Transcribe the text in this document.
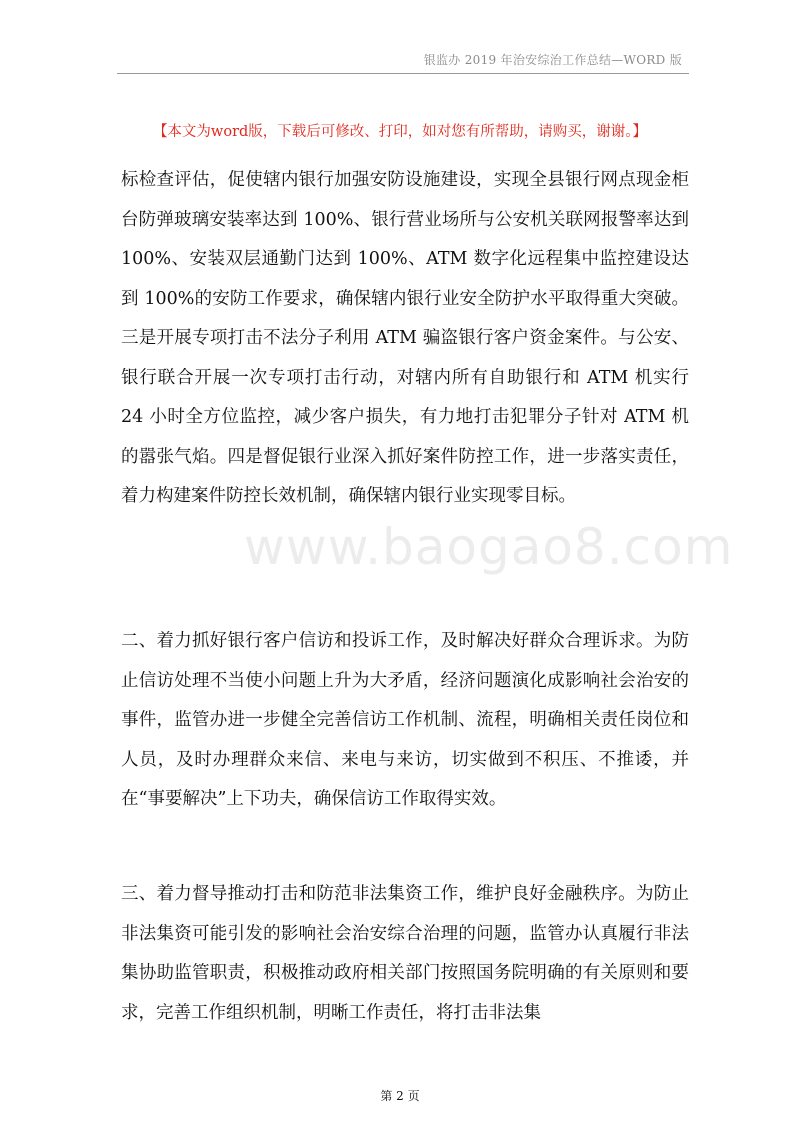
银监办 2019 年治安综治工作总结—WORD 版
【本文为word版，下载后可修改、打印，如对您有所帮助，请购买，谢谢。】
标检查评估，促使辖内银行加强安防设施建设，实现全县银行网点现金柜台防弹玻璃安装率达到 100%、银行营业场所与公安机关联网报警率达到 100%、安装双层通勤门达到 100%、ATM 数字化远程集中监控建设达到 100%的安防工作要求，确保辖内银行业安全防护水平取得重大突破。三是开展专项打击不法分子利用 ATM 骗盗银行客户资金案件。与公安、银行联合开展一次专项打击行动，对辖内所有自助银行和 ATM 机实行 24 小时全方位监控，减少客户损失，有力地打击犯罪分子针对 ATM 机的嚣张气焰。四是督促银行业深入抓好案件防控工作，进一步落实责任，着力构建案件防控长效机制，确保辖内银行业实现零目标。
二、着力抓好银行客户信访和投诉工作，及时解决好群众合理诉求。为防止信访处理不当使小问题上升为大矛盾，经济问题演化成影响社会治安的事件，监管办进一步健全完善信访工作机制、流程，明确相关责任岗位和人员，及时办理群众来信、来电与来访，切实做到不积压、不推诿，并在“事要解决”上下功夫，确保信访工作取得实效。
三、着力督导推动打击和防范非法集资工作，维护良好金融秩序。为防止非法集资可能引发的影响社会治安综合治理的问题，监管办认真履行非法集协助监管职责，积极推动政府相关部门按照国务院明确的有关原则和要求，完善工作组织机制，明晰工作责任，将打击非法集
www.baogao8.com
第 2 页
